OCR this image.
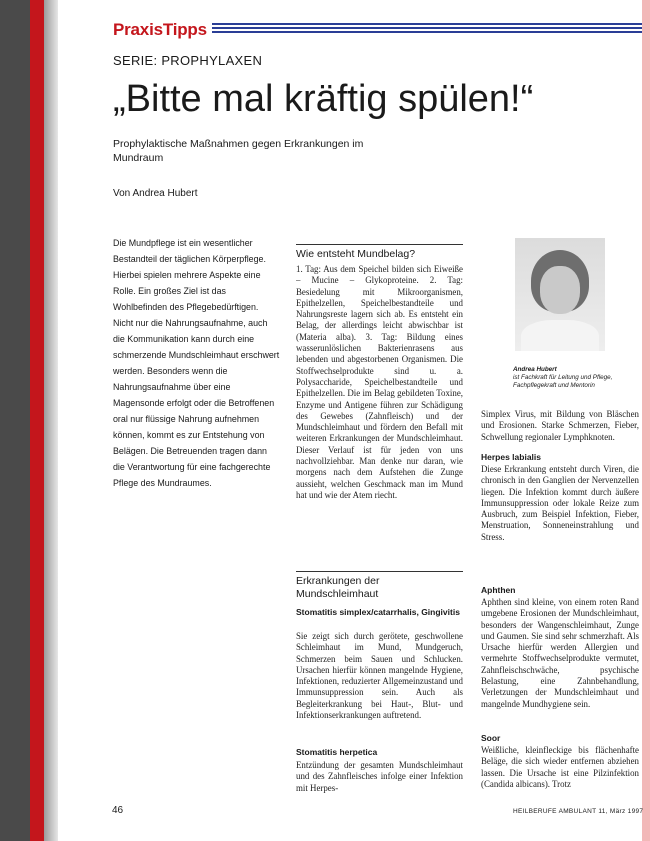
PraxisTipps
SERIE: PROPHYLAXEN
„Bitte mal kräftig spülen!“
Prophylaktische Maßnahmen gegen Erkrankungen im Mundraum
Von Andrea Hubert
Die Mundpflege ist ein wesentlicher Bestandteil der täglichen Körperpflege. Hierbei spielen mehrere Aspekte eine Rolle. Ein großes Ziel ist das Wohlbefinden des Pflegebedürftigen. Nicht nur die Nahrungsaufnahme, auch die Kommunikation kann durch eine schmerzende Mundschleimhaut erschwert werden. Besonders wenn die Nahrungsaufnahme über eine Magensonde erfolgt oder die Betroffenen oral nur flüssige Nahrung aufnehmen können, kommt es zur Entstehung von Belägen. Die Betreuenden tragen dann die Verantwortung für eine fachgerechte Pflege des Mundraumes.
Wie entsteht Mundbelag?
1. Tag: Aus dem Speichel bilden sich Eiweiße – Mucine – Glykoproteine. 2. Tag: Besiedelung mit Mikroorganismen, Epithelzellen, Speichelbestandteile und Nahrungsreste lagern sich ab. Es entsteht ein Belag, der allerdings leicht abwischbar ist (Materia alba). 3. Tag: Bildung eines wasserunlöslichen Bakterienrasens aus lebenden und abgestorbenen Organismen. Die Stoffwechselprodukte sind u. a. Polysaccharide, Speichelbestandteile und Epithelzellen. Die im Belag gebildeten Toxine, Enzyme und Antigene führen zur Schädigung des Gewebes (Zahnfleisch) und der Mundschleimhaut und fördern den Befall mit weiteren Erkrankungen der Mundschleimhaut. Dieser Verlauf ist für jeden von uns nachvollziehbar. Man denke nur daran, wie morgens nach dem Aufstehen die Zunge aussieht, welchen Geschmack man im Mund hat und wie der Atem riecht.
Erkrankungen der Mundschleimhaut
Stomatitis simplex/catarrhalis, Gingivitis
Sie zeigt sich durch gerötete, geschwollene Schleimhaut im Mund, Mundgeruch, Schmerzen beim Sauen und Schlucken. Ursachen hierfür können mangelnde Hygiene, Infektionen, reduzierter Allgemeinzustand und Immunsuppression sein. Auch als Begleiterkrankung bei Haut-, Blut- und Infektionserkrankungen auftretend.
Stomatitis herpetica
Entzündung der gesamten Mundschleimhaut und des Zahnfleisches infolge einer Infektion mit Herpes-
Andrea Hubert
ist Fachkraft für Leitung und Pflege, Fachpflegekraft und Mentorin
Simplex Virus, mit Bildung von Bläschen und Erosionen. Starke Schmerzen, Fieber, Schwellung regionaler Lymphknoten.
Herpes labialis
Diese Erkrankung entsteht durch Viren, die chronisch in den Ganglien der Nervenzellen liegen. Die Infektion kommt durch äußere Immunsuppression oder lokale Reize zum Ausbruch, zum Beispiel Infektion, Fieber, Menstruation, Sonneneinstrahlung und Stress.
Aphthen
Aphthen sind kleine, von einem roten Rand umgebene Erosionen der Mundschleimhaut, besonders der Wangenschleimhaut, Zunge und Gaumen. Sie sind sehr schmerzhaft. Als Ursache hierfür werden Allergien und vermehrte Stoffwechselprodukte vermutet, Zahnfleischschwäche, psychische Belastung, eine Zahnbehandlung, Verletzungen der Mundschleimhaut und mangelnde Mundhygiene sein.
Soor
Weißliche, kleinfleckige bis flächenhafte Beläge, die sich wieder entfernen abziehen lassen. Die Ursache ist eine Pilzinfektion (Candida albicans). Trotz
46	HEILBERUFE AMBULANT 11, März 1997
